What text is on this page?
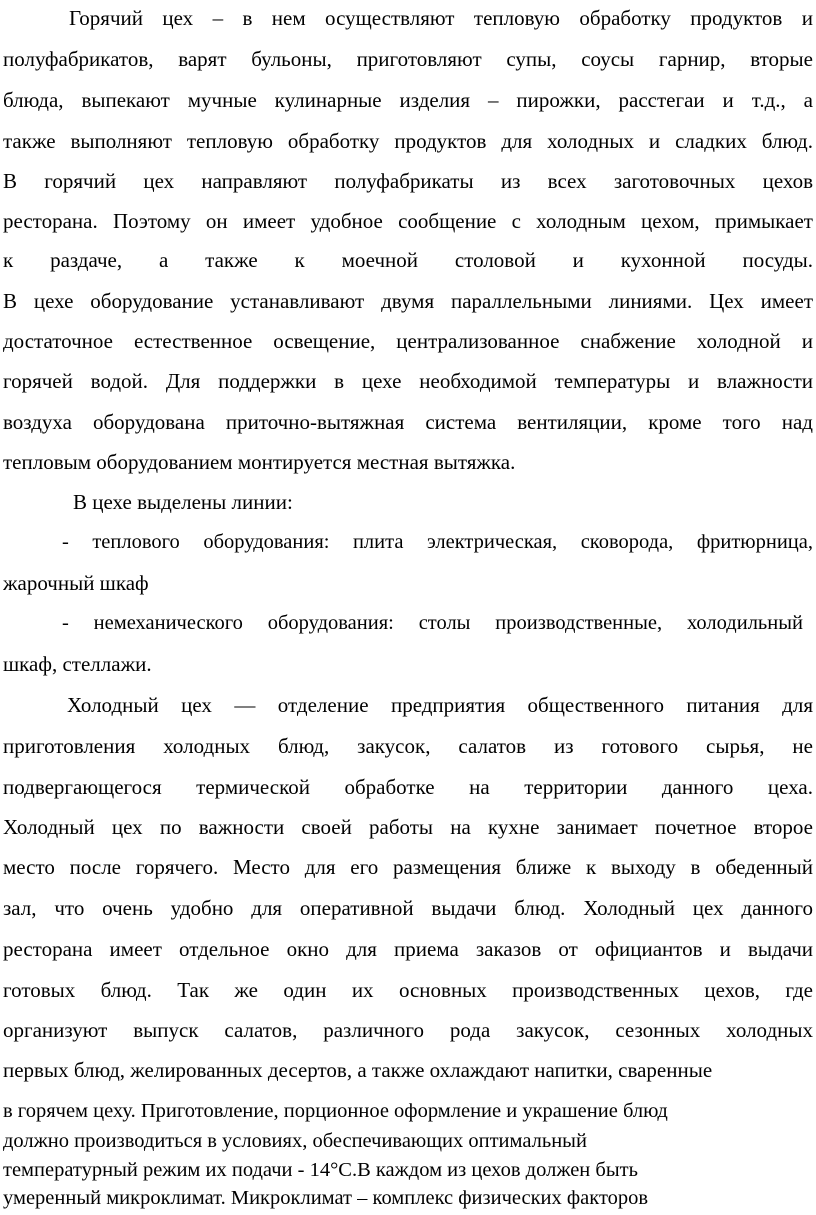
Горячий цех – в нем осуществляют тепловую обработку продуктов и
полуфабрикатов, варят бульоны, приготовляют супы, соусы гарнир, вторые
блюда, выпекают мучные кулинарные изделия – пирожки, расстегаи и т.д., а
также выполняют тепловую обработку продуктов для холодных и сладких блюд.
В горячий цех направляют полуфабрикаты из всех заготовочных цехов
ресторана. Поэтому он имеет удобное сообщение с холодным цехом, примыкает
к раздаче, а также к моечной столовой и кухонной посуды.
В цехе оборудование устанавливают двумя параллельными линиями. Цех имеет
достаточное естественное освещение, централизованное снабжение холодной и
горячей водой. Для поддержки в цехе необходимой температуры и влажности
воздуха оборудована приточно-вытяжная система вентиляции, кроме того над
тепловым оборудованием монтируется местная вытяжка.
В цехе выделены линии:
- теплового оборудования: плита электрическая, сковорода, фритюрница,
жарочный шкаф
- немеханического оборудования: столы производственные, холодильный
шкаф, стеллажи.
Холодный цех — отделение предприятия общественного питания для
приготовления холодных блюд, закусок, салатов из готового сырья, не
подвергающегося термической обработке на территории данного цеха.
Холодный цех по важности своей работы на кухне занимает почетное второе
место после горячего. Место для его размещения ближе к выходу в обеденный
зал, что очень удобно для оперативной выдачи блюд. Холодный цех данного
ресторана имеет отдельное окно для приема заказов от официантов и выдачи
готовых блюд. Так же один их основных производственных цехов, где
организуют выпуск салатов, различного рода закусок, сезонных холодных
первых блюд, желированных десертов, а также охлаждают напитки, сваренные
в горячем цеху. Приготовление, порционное оформление и украшение блюд
должно производиться в условиях, обеспечивающих оптимальный
температурный режим их подачи - 14°С.В каждом из цехов должен быть
умеренный микроклимат. Микроклимат – комплекс физических факторов
